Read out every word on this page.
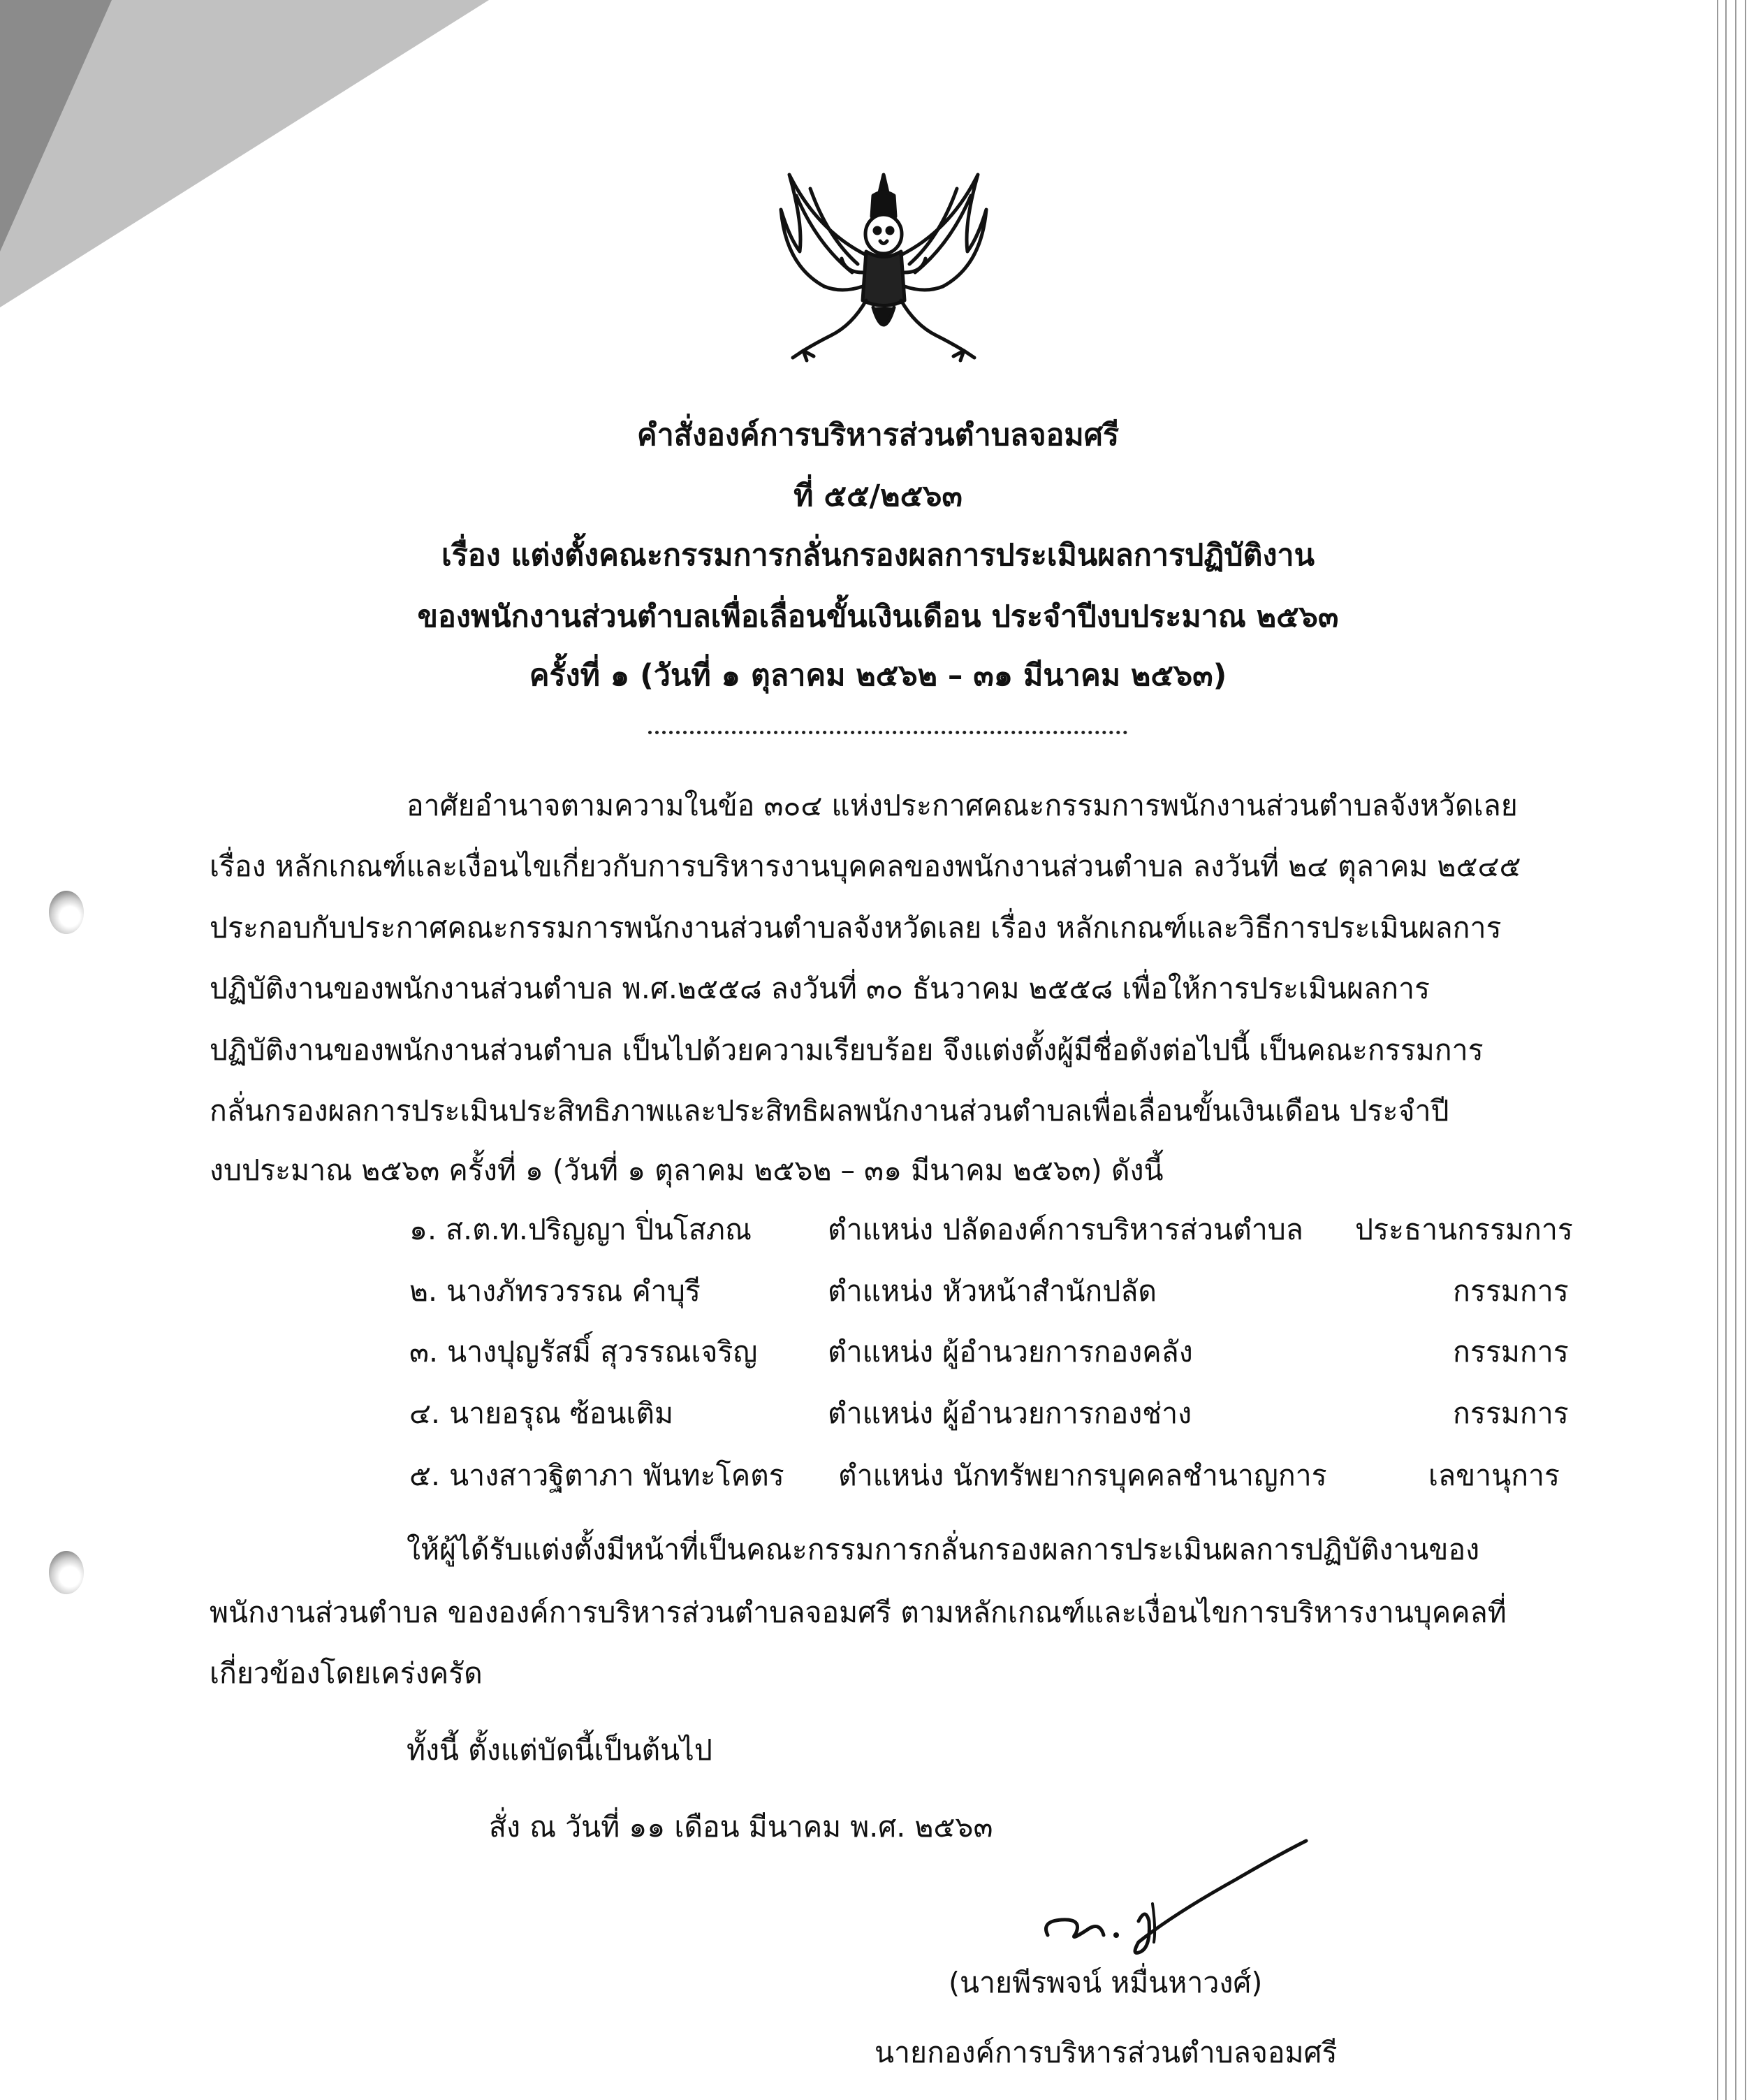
คำสั่งองค์การบริหารส่วนตำบลจอมศรี
ที่ ๕๕/๒๕๖๓
เรื่อง แต่งตั้งคณะกรรมการกลั่นกรองผลการประเมินผลการปฏิบัติงาน
ของพนักงานส่วนตำบลเพื่อเลื่อนขั้นเงินเดือน ประจำปีงบประมาณ ๒๕๖๓
ครั้งที่ ๑ (วันที่ ๑ ตุลาคม ๒๕๖๒ – ๓๑ มีนาคม ๒๕๖๓)
อาศัยอำนาจตามความในข้อ ๓๐๔ แห่งประกาศคณะกรรมการพนักงานส่วนตำบลจังหวัดเลย
เรื่อง หลักเกณฑ์และเงื่อนไขเกี่ยวกับการบริหารงานบุคคลของพนักงานส่วนตำบล ลงวันที่ ๒๔ ตุลาคม ๒๕๔๕
ประกอบกับประกาศคณะกรรมการพนักงานส่วนตำบลจังหวัดเลย เรื่อง หลักเกณฑ์และวิธีการประเมินผลการ
ปฏิบัติงานของพนักงานส่วนตำบล พ.ศ.๒๕๕๘ ลงวันที่ ๓๐ ธันวาคม ๒๕๕๘ เพื่อให้การประเมินผลการ
ปฏิบัติงานของพนักงานส่วนตำบล เป็นไปด้วยความเรียบร้อย จึงแต่งตั้งผู้มีชื่อดังต่อไปนี้ เป็นคณะกรรมการ
กลั่นกรองผลการประเมินประสิทธิภาพและประสิทธิผลพนักงานส่วนตำบลเพื่อเลื่อนขั้นเงินเดือน ประจำปี
งบประมาณ ๒๕๖๓ ครั้งที่ ๑ (วันที่ ๑ ตุลาคม ๒๕๖๒ – ๓๑ มีนาคม ๒๕๖๓) ดังนี้
๑. ส.ต.ท.ปริญญา ปิ่นโสภณ	ตำแหน่ง ปลัดองค์การบริหารส่วนตำบล ประธานกรรมการ
๒. นางภัทรวรรณ คำบุรี	ตำแหน่ง หัวหน้าสำนักปลัด	กรรมการ
๓. นางปุญรัสมิ์ สุวรรณเจริญ ตำแหน่ง ผู้อำนวยการกองคลัง	กรรมการ
๔. นายอรุณ ซ้อนเติม	ตำแหน่ง ผู้อำนวยการกองช่าง	กรรมการ
๕. นางสาวฐิตาภา พันทะโคตร ตำแหน่ง นักทรัพยากรบุคคลชำนาญการ	เลขานุการ
ให้ผู้ได้รับแต่งตั้งมีหน้าที่เป็นคณะกรรมการกลั่นกรองผลการประเมินผลการปฏิบัติงานของ
พนักงานส่วนตำบล ขององค์การบริหารส่วนตำบลจอมศรี ตามหลักเกณฑ์และเงื่อนไขการบริหารงานบุคคลที่
เกี่ยวข้องโดยเคร่งครัด
ทั้งนี้ ตั้งแต่บัดนี้เป็นต้นไป
สั่ง ณ วันที่ ๑๑ เดือน มีนาคม พ.ศ. ๒๕๖๓
(นายพีรพจน์ หมื่นหาวงศ์)
นายกองค์การบริหารส่วนตำบลจอมศรี
